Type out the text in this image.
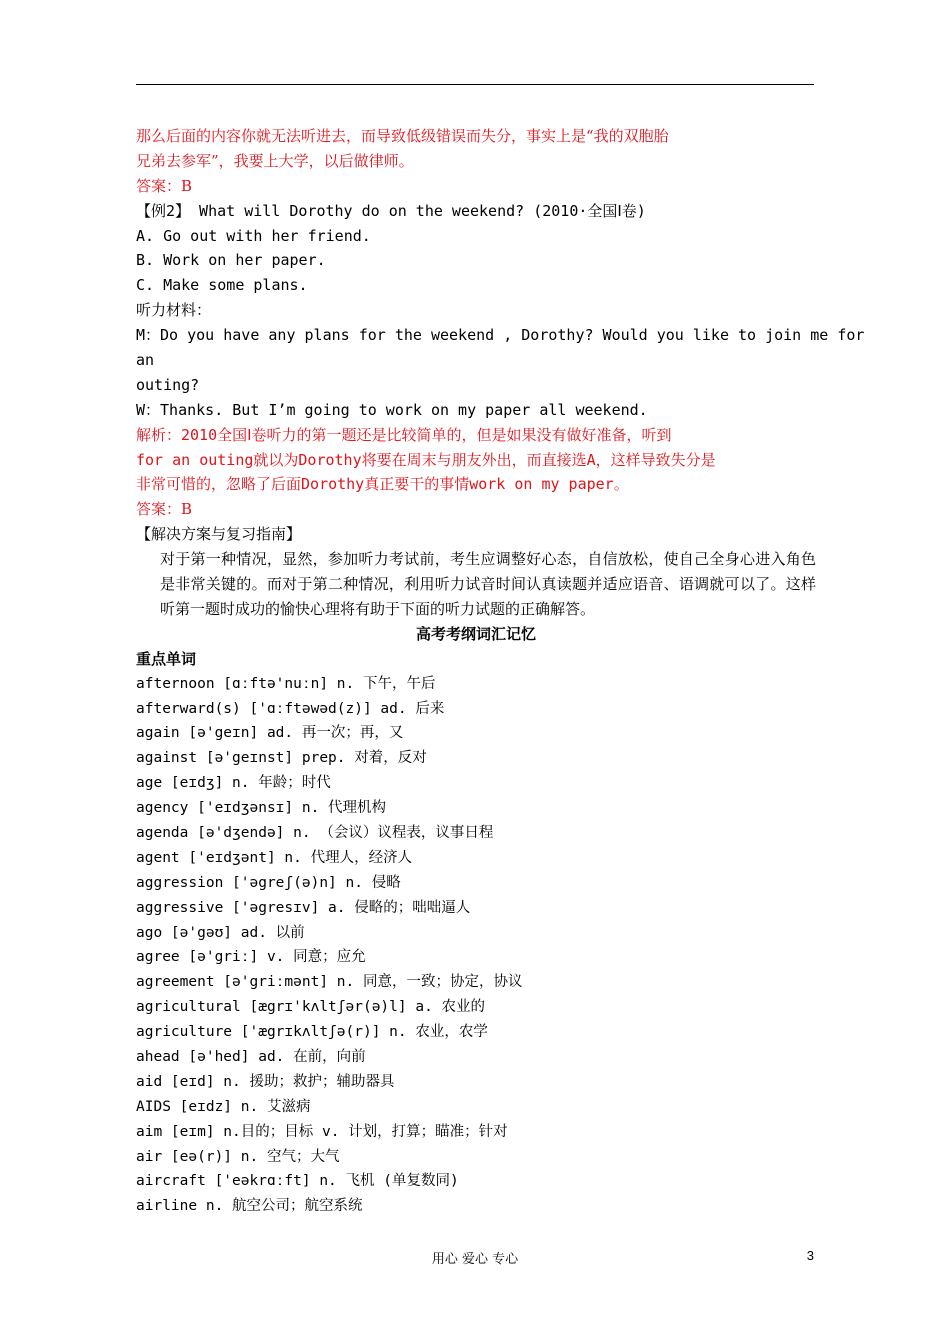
那么后面的内容你就无法听进去，而导致低级错误而失分，事实上是“我的双胞胎
兄弟去参军”，我要上大学，以后做律师。
答案：B
【例2】 What will Dorothy do on the weekend? (2010·全国Ⅰ卷)
A. Go out with her friend.
B. Work on her paper.
C. Make some plans.
听力材料：
M：Do you have any plans for the weekend , Dorothy? Would you like to join me for
an
outing?
W：Thanks. But I’m going to work on my paper all weekend.
解析：2010全国Ⅰ卷听力的第一题还是比较简单的，但是如果没有做好准备，听到
for an outing就以为Dorothy将要在周末与朋友外出，而直接选A，这样导致失分是
非常可惜的，忽略了后面Dorothy真正要干的事情work on my paper。
答案：B
【解决方案与复习指南】
对于第一种情况，显然，参加听力考试前，考生应调整好心态，自信放松，使自己全身心进入角色是非常关键的。而对于第二种情况，利用听力试音时间认真读题并适应语音、语调就可以了。这样听第一题时成功的愉快心理将有助于下面的听力试题的正确解答。
高考考纲词汇记忆
重点单词
afternoon [ɑːftə'nuːn] n. 下午，午后
afterward(s) ['ɑːftəwəd(z)] ad. 后来
again [ə'geɪn] ad. 再一次；再，又
against [ə'geɪnst] prep. 对着，反对
age [eɪdʒ] n. 年龄；时代
agency ['eɪdʒənsɪ] n. 代理机构
agenda [ə'dʒendə] n. （会议）议程表，议事日程
agent ['eɪdʒənt] n. 代理人，经济人
aggression ['əgreʃ(ə)n] n. 侵略
aggressive ['əgresɪv] a. 侵略的；咄咄逼人
ago [ə'gəʊ] ad. 以前
agree [ə'griː] v. 同意；应允
agreement [ə'griːmənt] n. 同意，一致；协定，协议
agricultural [ægrɪ'kʌltʃər(ə)l] a. 农业的
agriculture ['ægrɪkʌltʃə(r)] n. 农业，农学
ahead [ə'hed] ad. 在前，向前
aid [eɪd] n. 援助；救护；辅助器具
AIDS [eɪdz] n. 艾滋病
aim [eɪm] n.目的；目标 v. 计划，打算；瞄准；针对
air [eə(r)] n. 空气；大气
aircraft ['eəkrɑːft] n. 飞机 (单复数同)
airline n. 航空公司；航空系统
用心 爱心 专心	3
